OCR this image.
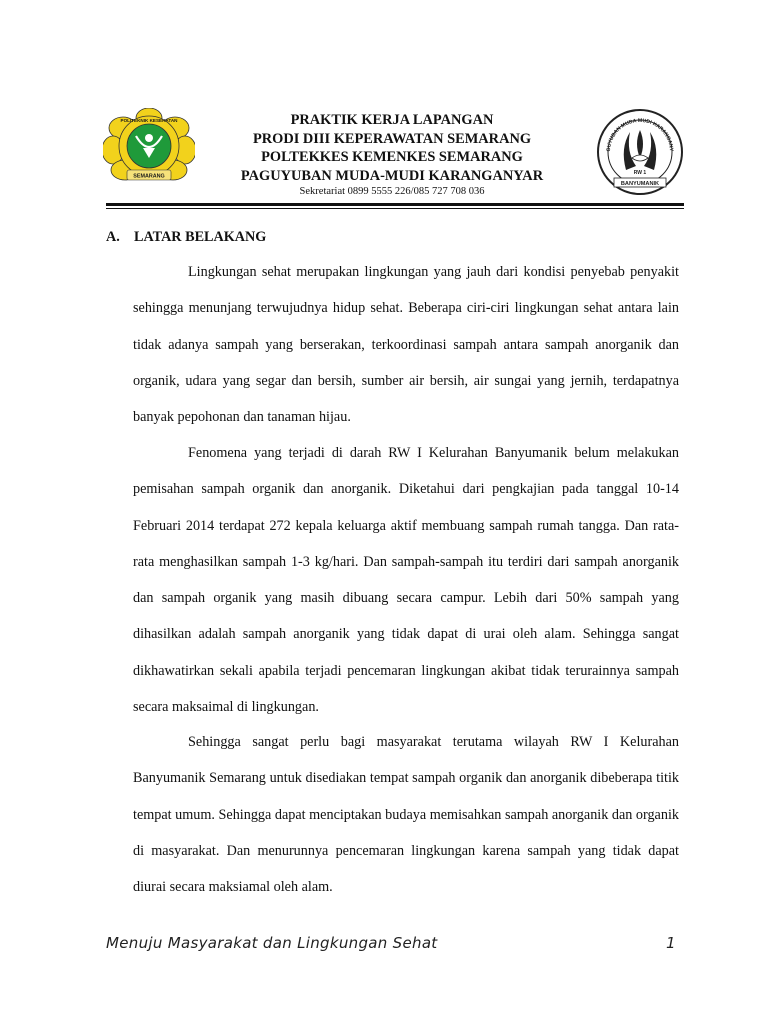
POLITEKNIK KESEHATAN
SEMARANG
PRAKTIK KERJA LAPANGAN
PRODI DIII KEPERAWATAN SEMARANG
POLTEKKES KEMENKES SEMARANG
PAGUYUBAN MUDA-MUDI KARANGANYAR
Sekretariat 0899 5555 226/085 727 708 036
GUYUBAN MUDA MUDI KARANGANY
RW 1
BANYUMANIK
A. LATAR BELAKANG

Lingkungan sehat merupakan lingkungan yang jauh dari kondisi penyebab penyakit sehingga menunjang terwujudnya hidup sehat. Beberapa ciri-ciri lingkungan sehat antara lain tidak adanya sampah yang berserakan, terkoordinasi sampah antara sampah anorganik dan organik, udara yang segar dan bersih, sumber air bersih, air sungai yang jernih, terdapatnya banyak pepohonan dan tanaman hijau.

Fenomena yang terjadi di darah RW I Kelurahan Banyumanik belum melakukan pemisahan sampah organik dan anorganik. Diketahui dari pengkajian pada tanggal 10-14 Februari 2014 terdapat 272 kepala keluarga aktif membuang sampah rumah tangga. Dan rata-rata menghasilkan sampah 1-3 kg/hari. Dan sampah-sampah itu terdiri dari sampah anorganik dan sampah organik yang masih dibuang secara campur. Lebih dari 50% sampah yang dihasilkan adalah sampah anorganik yang tidak dapat di urai oleh alam. Sehingga sangat dikhawatirkan sekali apabila terjadi pencemaran lingkungan akibat tidak terurainnya sampah secara maksaimal di lingkungan.

Sehingga sangat perlu bagi masyarakat terutama wilayah RW I Kelurahan Banyumanik Semarang untuk disediakan tempat sampah organik dan anorganik dibeberapa titik tempat umum. Sehingga dapat menciptakan budaya memisahkan sampah anorganik dan organik di masyarakat. Dan menurunnya pencemaran lingkungan karena sampah yang tidak dapat diurai secara maksiamal oleh alam.

Menuju Masyarakat dan Lingkungan Sehat	1
